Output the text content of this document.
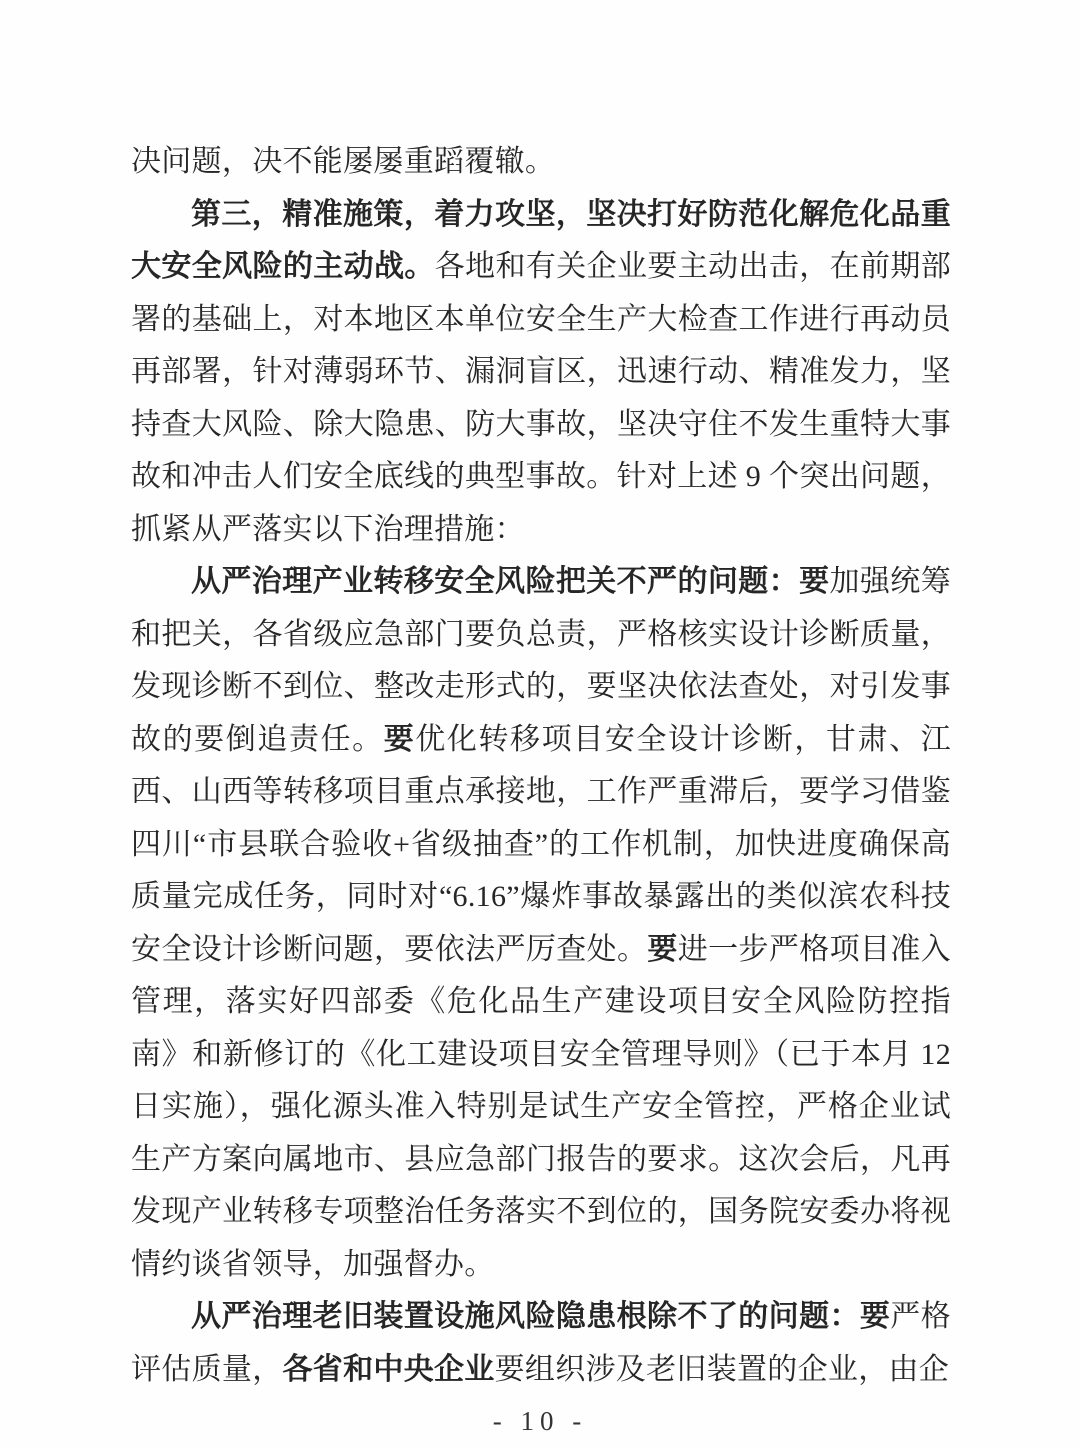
决问题，决不能屡屡重蹈覆辙。

第三，精准施策，着力攻坚，坚决打好防范化解危化品重大安全风险的主动战。各地和有关企业要主动出击，在前期部署的基础上，对本地区本单位安全生产大检查工作进行再动员再部署，针对薄弱环节、漏洞盲区，迅速行动、精准发力，坚持查大风险、除大隐患、防大事故，坚决守住不发生重特大事故和冲击人们安全底线的典型事故。针对上述 9 个突出问题，抓紧从严落实以下治理措施：

从严治理产业转移安全风险把关不严的问题：要加强统筹和把关，各省级应急部门要负总责，严格核实设计诊断质量，发现诊断不到位、整改走形式的，要坚决依法查处，对引发事故的要倒追责任。要优化转移项目安全设计诊断，甘肃、江西、山西等转移项目重点承接地，工作严重滞后，要学习借鉴四川“市县联合验收+省级抽查”的工作机制，加快进度确保高质量完成任务，同时对“6.16”爆炸事故暴露出的类似滨农科技安全设计诊断问题，要依法严厉查处。要进一步严格项目准入管理，落实好四部委《危化品生产建设项目安全风险防控指南》和新修订的《化工建设项目安全管理导则》（已于本月 12 日实施），强化源头准入特别是试生产安全管控，严格企业试生产方案向属地市、县应急部门报告的要求。这次会后，凡再发现产业转移专项整治任务落实不到位的，国务院安委办将视情约谈省领导，加强督办。

从严治理老旧装置设施风险隐患根除不了的问题：要严格评估质量，各省和中央企业要组织涉及老旧装置的企业，由企

- 10 -
